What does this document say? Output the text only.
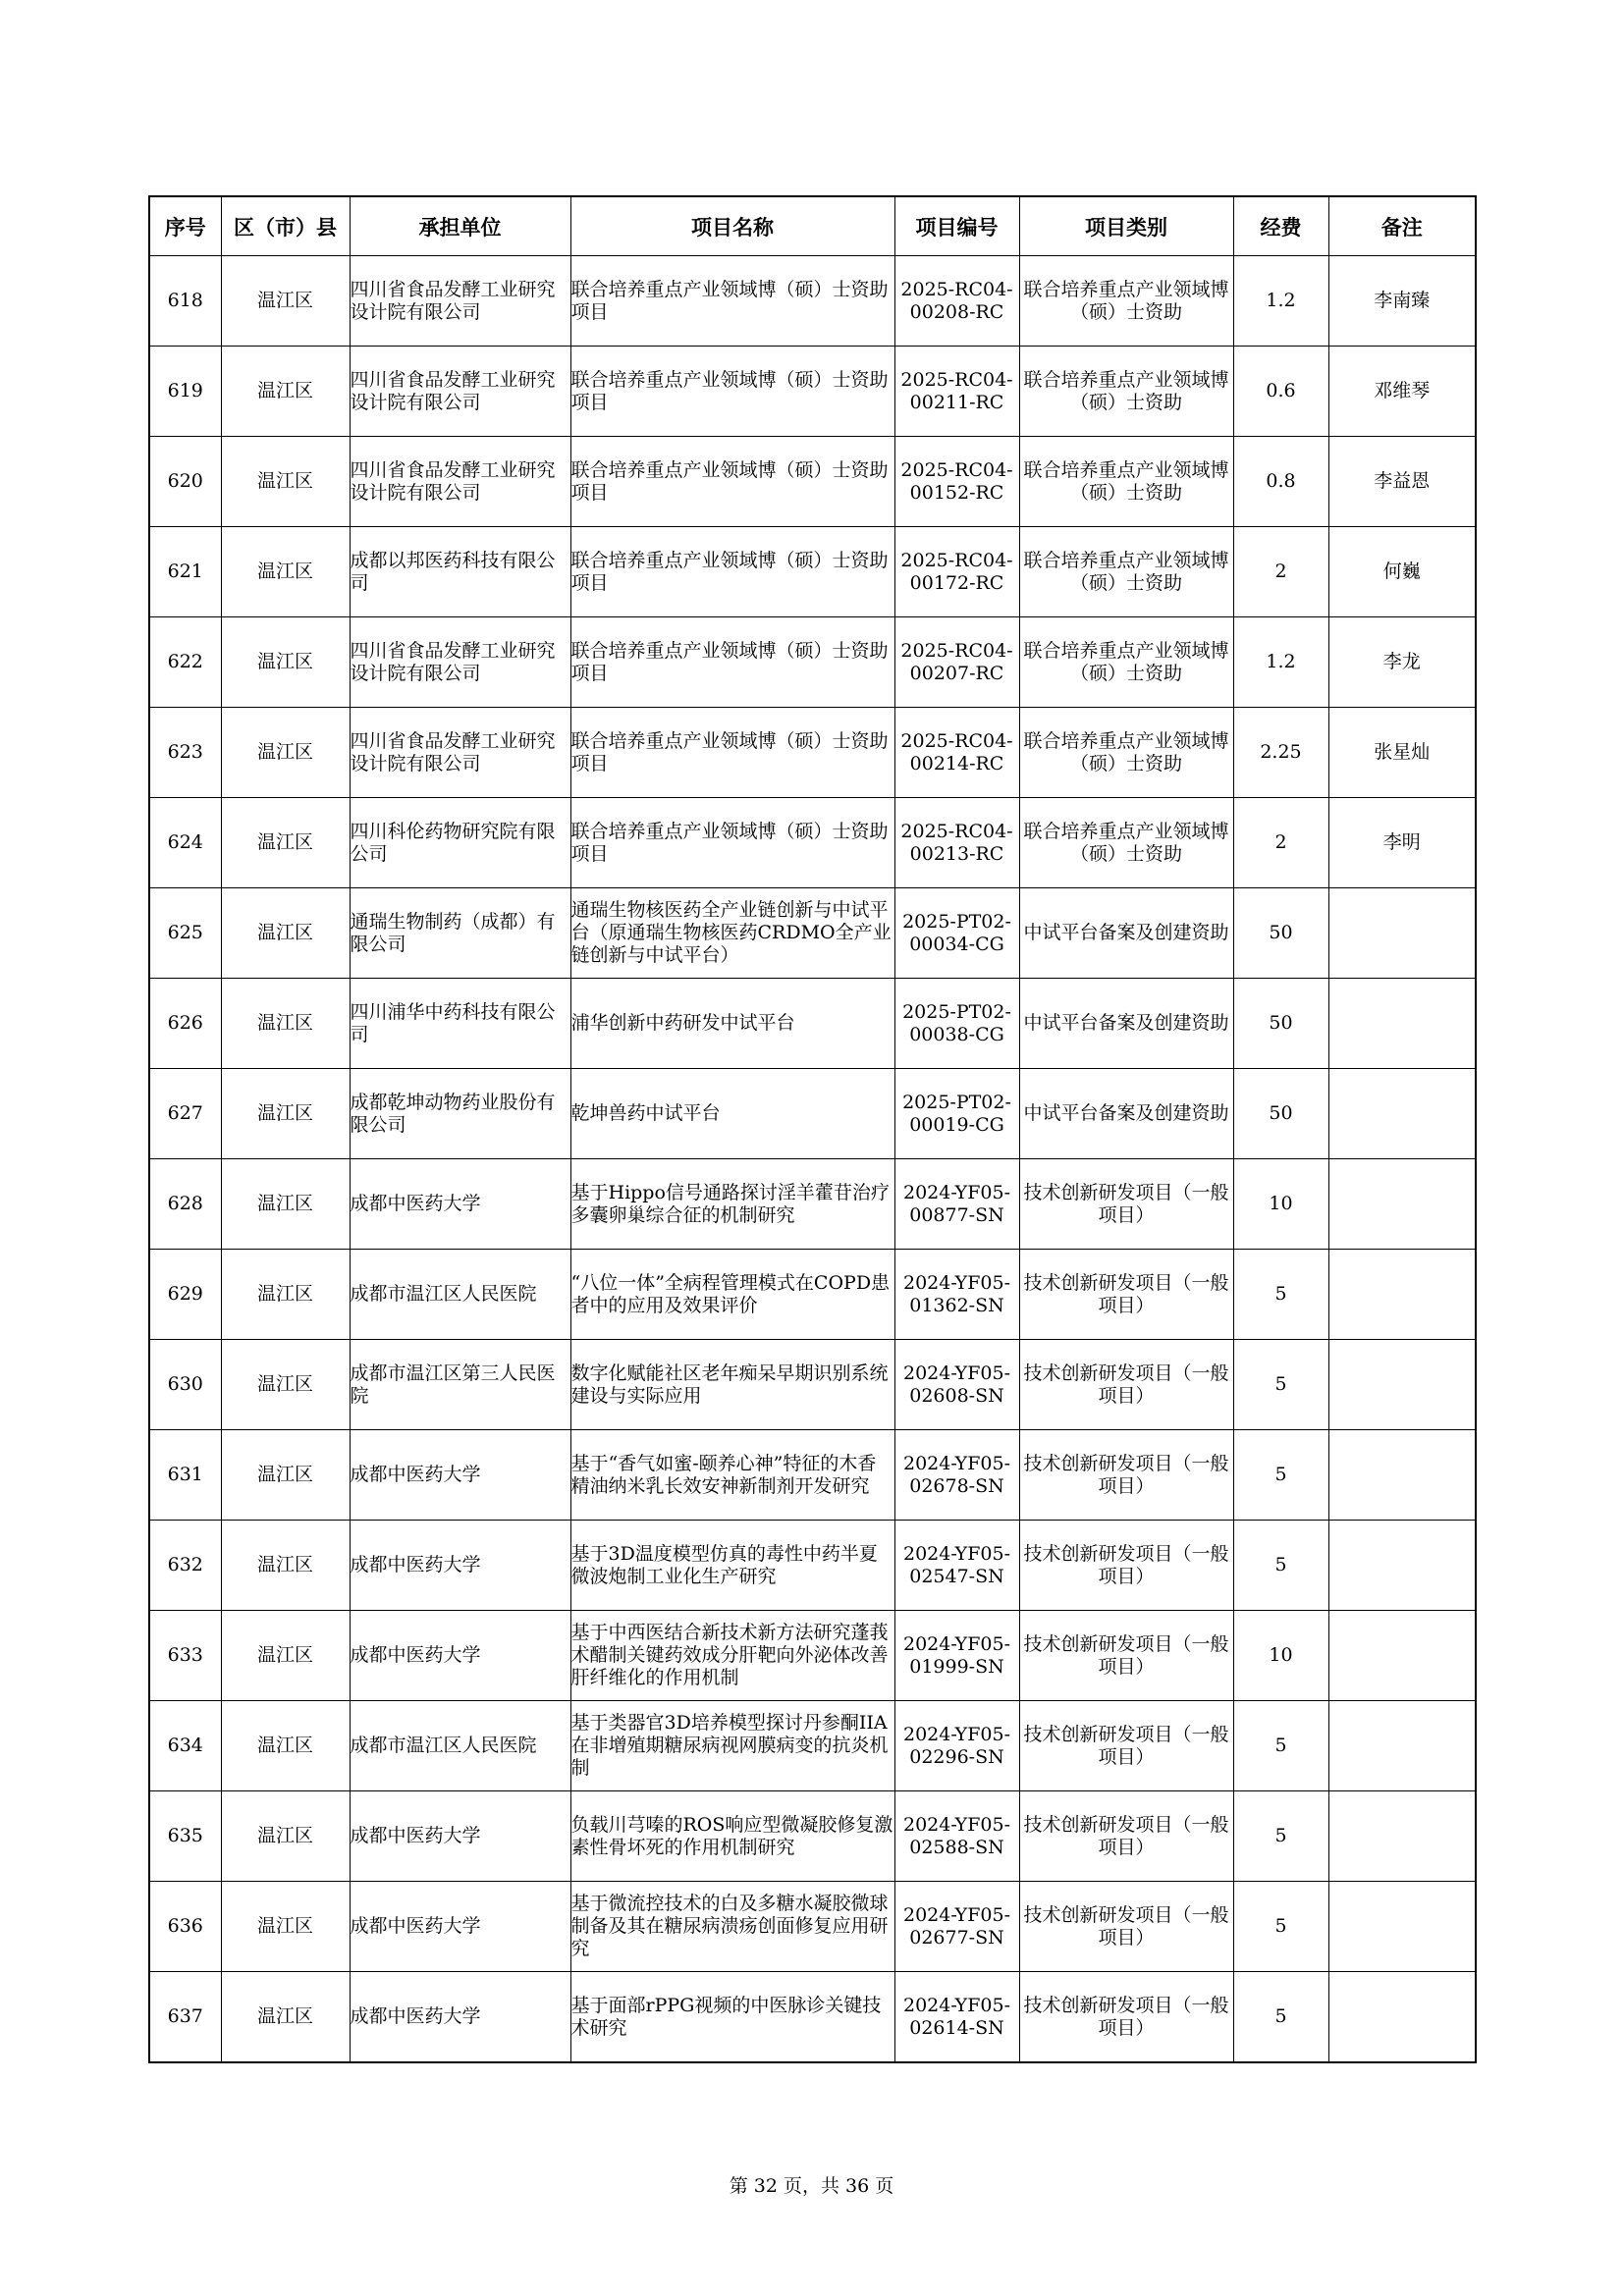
序号	区（市）县	承担单位	项目名称	项目编号	项目类别	经费	备注
618	温江区	四川省食品发酵工业研究设计院有限公司	联合培养重点产业领域博（硕）士资助项目	2025-RC04-00208-RC	联合培养重点产业领域博（硕）士资助	1.2	李南臻
619	温江区	四川省食品发酵工业研究设计院有限公司	联合培养重点产业领域博（硕）士资助项目	2025-RC04-00211-RC	联合培养重点产业领域博（硕）士资助	0.6	邓维琴
620	温江区	四川省食品发酵工业研究设计院有限公司	联合培养重点产业领域博（硕）士资助项目	2025-RC04-00152-RC	联合培养重点产业领域博（硕）士资助	0.8	李益恩
621	温江区	成都以邦医药科技有限公司	联合培养重点产业领域博（硕）士资助项目	2025-RC04-00172-RC	联合培养重点产业领域博（硕）士资助	2	何巍
622	温江区	四川省食品发酵工业研究设计院有限公司	联合培养重点产业领域博（硕）士资助项目	2025-RC04-00207-RC	联合培养重点产业领域博（硕）士资助	1.2	李龙
623	温江区	四川省食品发酵工业研究设计院有限公司	联合培养重点产业领域博（硕）士资助项目	2025-RC04-00214-RC	联合培养重点产业领域博（硕）士资助	2.25	张星灿
624	温江区	四川科伦药物研究院有限公司	联合培养重点产业领域博（硕）士资助项目	2025-RC04-00213-RC	联合培养重点产业领域博（硕）士资助	2	李明
625	温江区	通瑞生物制药（成都）有限公司	通瑞生物核医药全产业链创新与中试平台（原通瑞生物核医药CRDMO全产业链创新与中试平台）	2025-PT02-00034-CG	中试平台备案及创建资助	50	
626	温江区	四川浦华中药科技有限公司	浦华创新中药研发中试平台	2025-PT02-00038-CG	中试平台备案及创建资助	50	
627	温江区	成都乾坤动物药业股份有限公司	乾坤兽药中试平台	2025-PT02-00019-CG	中试平台备案及创建资助	50	
628	温江区	成都中医药大学	基于Hippo信号通路探讨淫羊藿苷治疗多囊卵巢综合征的机制研究	2024-YF05-00877-SN	技术创新研发项目（一般项目）	10	
629	温江区	成都市温江区人民医院	“八位一体”全病程管理模式在COPD患者中的应用及效果评价	2024-YF05-01362-SN	技术创新研发项目（一般项目）	5	
630	温江区	成都市温江区第三人民医院	数字化赋能社区老年痴呆早期识别系统建设与实际应用	2024-YF05-02608-SN	技术创新研发项目（一般项目）	5	
631	温江区	成都中医药大学	基于“香气如蜜-颐养心神”特征的木香精油纳米乳长效安神新制剂开发研究	2024-YF05-02678-SN	技术创新研发项目（一般项目）	5	
632	温江区	成都中医药大学	基于3D温度模型仿真的毒性中药半夏微波炮制工业化生产研究	2024-YF05-02547-SN	技术创新研发项目（一般项目）	5	
633	温江区	成都中医药大学	基于中西医结合新技术新方法研究蓬莪术醋制关键药效成分肝靶向外泌体改善肝纤维化的作用机制	2024-YF05-01999-SN	技术创新研发项目（一般项目）	10	
634	温江区	成都市温江区人民医院	基于类器官3D培养模型探讨丹参酮IIA在非增殖期糖尿病视网膜病变的抗炎机制	2024-YF05-02296-SN	技术创新研发项目（一般项目）	5	
635	温江区	成都中医药大学	负载川芎嗪的ROS响应型微凝胶修复激素性骨坏死的作用机制研究	2024-YF05-02588-SN	技术创新研发项目（一般项目）	5	
636	温江区	成都中医药大学	基于微流控技术的白及多糖水凝胶微球制备及其在糖尿病溃疡创面修复应用研究	2024-YF05-02677-SN	技术创新研发项目（一般项目）	5	
637	温江区	成都中医药大学	基于面部rPPG视频的中医脉诊关键技术研究	2024-YF05-02614-SN	技术创新研发项目（一般项目）	5	
第 32 页，共 36 页
